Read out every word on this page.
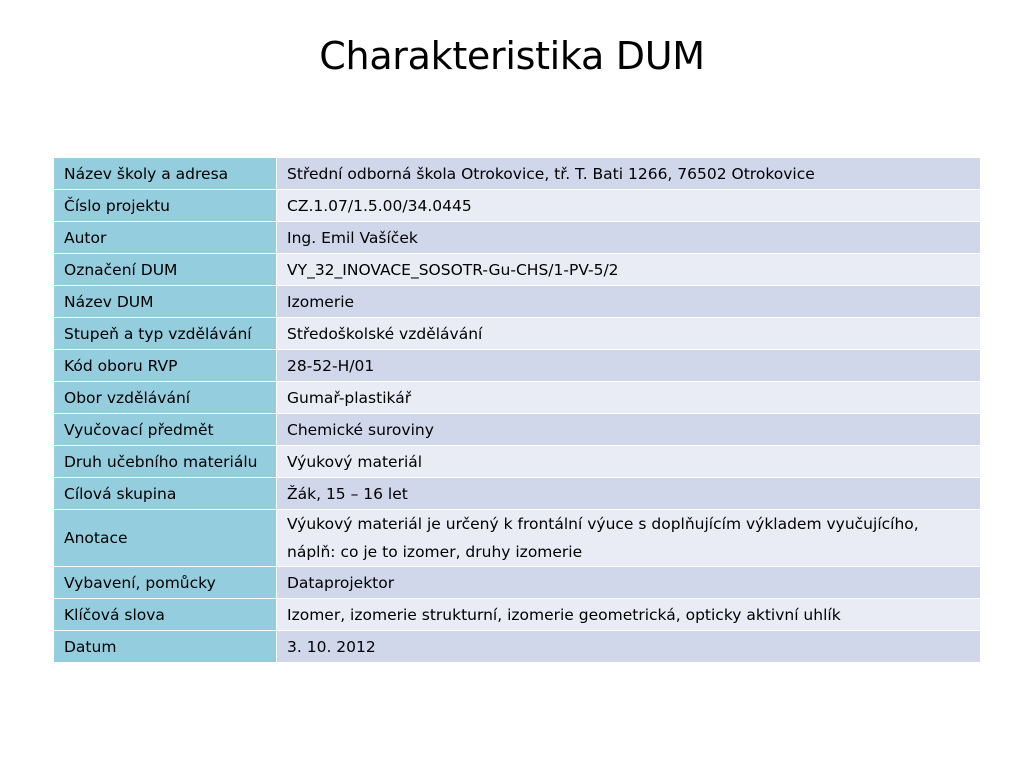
Charakteristika DUM
Název školy a adresa	Střední odborná škola Otrokovice, tř. T. Bati 1266, 76502 Otrokovice
Číslo projektu	CZ.1.07/1.5.00/34.0445
Autor	Ing. Emil Vašíček
Označení DUM	VY_32_INOVACE_SOSOTR-Gu-CHS/1-PV-5/2
Název DUM	Izomerie
Stupeň a typ vzdělávání	Středoškolské vzdělávání
Kód oboru RVP	28-52-H/01
Obor vzdělávání	Gumař-plastikář
Vyučovací předmět	Chemické suroviny
Druh učebního materiálu	Výukový materiál
Cílová skupina	Žák, 15 – 16 let
Anotace	Výukový materiál je určený k frontální výuce s doplňujícím výkladem vyučujícího, náplň: co je to izomer, druhy izomerie
Vybavení, pomůcky	Dataprojektor
Klíčová slova	Izomer, izomerie strukturní, izomerie geometrická, opticky aktivní uhlík
Datum	3. 10. 2012
